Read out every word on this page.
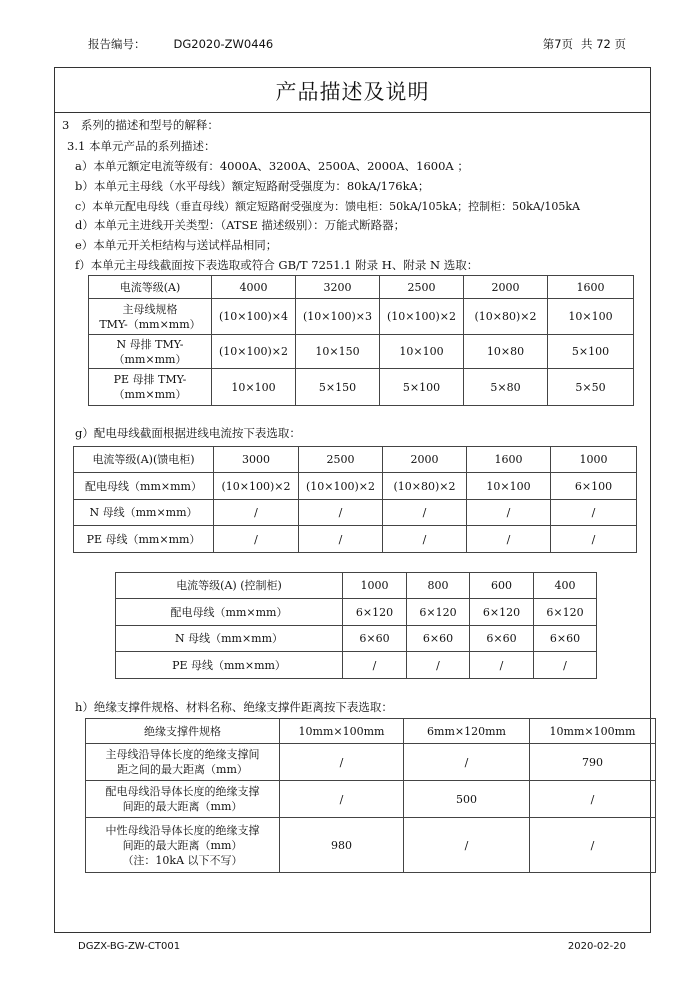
报告编号： DG2020-ZW0446	第7页 共 72 页
产品描述及说明
3　系列的描述和型号的解释：
3.1 本单元产品的系列描述：
a）本单元额定电流等级有：4000A、3200A、2500A、2000A、1600A ；
b）本单元主母线（水平母线）额定短路耐受强度为：80kA/176kA；
c）本单元配电母线（垂直母线）额定短路耐受强度为：馈电柜：50kA/105kA；控制柜：50kA/105kA
d）本单元主进线开关类型：（ATSE 描述级别）：万能式断路器；
e）本单元开关柜结构与送试样品相同；
f）本单元主母线截面按下表选取或符合 GB/T 7251.1 附录 H、附录 N 选取：
电流等级(A)	4000	3200	2500	2000	1600
主母线规格
TMY-（mm×mm）	(10×100)×4	(10×100)×3	(10×100)×2	(10×80)×2	10×100
N 母排 TMY-
（mm×mm）	(10×100)×2	10×150	10×100	10×80	5×100
PE 母排 TMY-
（mm×mm）	10×100	5×150	5×100	5×80	5×50
g）配电母线截面根据进线电流按下表选取：
电流等级(A)(馈电柜)	3000	2500	2000	1600	1000
配电母线（mm×mm）	(10×100)×2	(10×100)×2	(10×80)×2	10×100	6×100
N 母线（mm×mm）	/	/	/	/	/
PE 母线（mm×mm）	/	/	/	/	/
电流等级(A) (控制柜)	1000	800	600	400
配电母线（mm×mm）	6×120	6×120	6×120	6×120
N 母线（mm×mm）	6×60	6×60	6×60	6×60
PE 母线（mm×mm）	/	/	/	/
h）绝缘支撑件规格、材料名称、绝缘支撑件距离按下表选取：
绝缘支撑件规格	10mm×100mm	6mm×120mm	10mm×100mm
主母线沿导体长度的绝缘支撑间
距之间的最大距离（mm）	/	/	790
配电母线沿导体长度的绝缘支撑
间距的最大距离（mm）	/	500	/
中性母线沿导体长度的绝缘支撑
间距的最大距离（mm）
（注：10kA 以下不写）	980	/	/
DGZX-BG-ZW-CT001	2020-02-20
